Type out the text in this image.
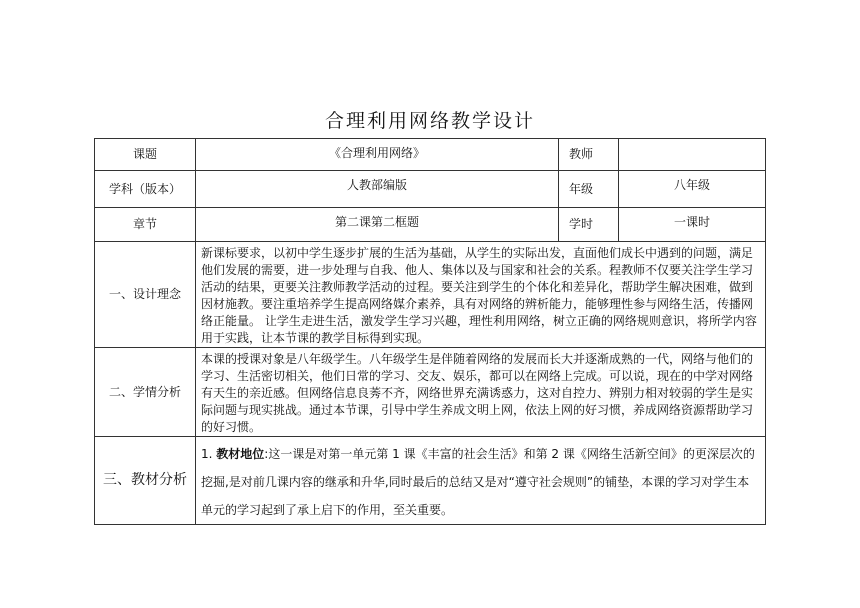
合理利用网络教学设计
课题	《合理利用网络》	教师	
学科（版本）	人教部编版	年级	八年级
章节	第二课第二框题	学时	一课时
一、设计理念	新课标要求，以初中学生逐步扩展的生活为基础，从学生的实际出发，直面他们成长中遇到的问题，满足他们发展的需要，进一步处理与自我、他人、集体以及与国家和社会的关系。程教师不仅要关注学生学习活动的结果，更要关注教师教学活动的过程。要关注到学生的个体化和差异化，帮助学生解决困难，做到因材施教。要注重培养学生提高网络媒介素养，具有对网络的辨析能力，能够理性参与网络生活，传播网络正能量。 让学生走进生活，激发学生学习兴趣，理性利用网络，树立正确的网络规则意识，将所学内容用于实践，让本节课的教学目标得到实现。		
二、学情分析	本课的授课对象是八年级学生。八年级学生是伴随着网络的发展而长大并逐渐成熟的一代，网络与他们的学习、生活密切相关，他们日常的学习、交友、娱乐，都可以在网络上完成。可以说，现在的中学对网络有天生的亲近感。但网络信息良莠不齐，网络世界充满诱惑力，这对自控力、辨别力相对较弱的学生是实际问题与现实挑战。通过本节课，引导中学生养成文明上网，依法上网的好习惯，养成网络资源帮助学习的好习惯。		
三、教材分析	1. 教材地位:这一课是对第一单元第 1 课《丰富的社会生活》和第 2 课《网络生活新空间》的更深层次的挖掘,是对前几课内容的继承和升华,同时最后的总结又是对“遵守社会规则”的铺垫，本课的学习对学生本单元的学习起到了承上启下的作用，至关重要。		
